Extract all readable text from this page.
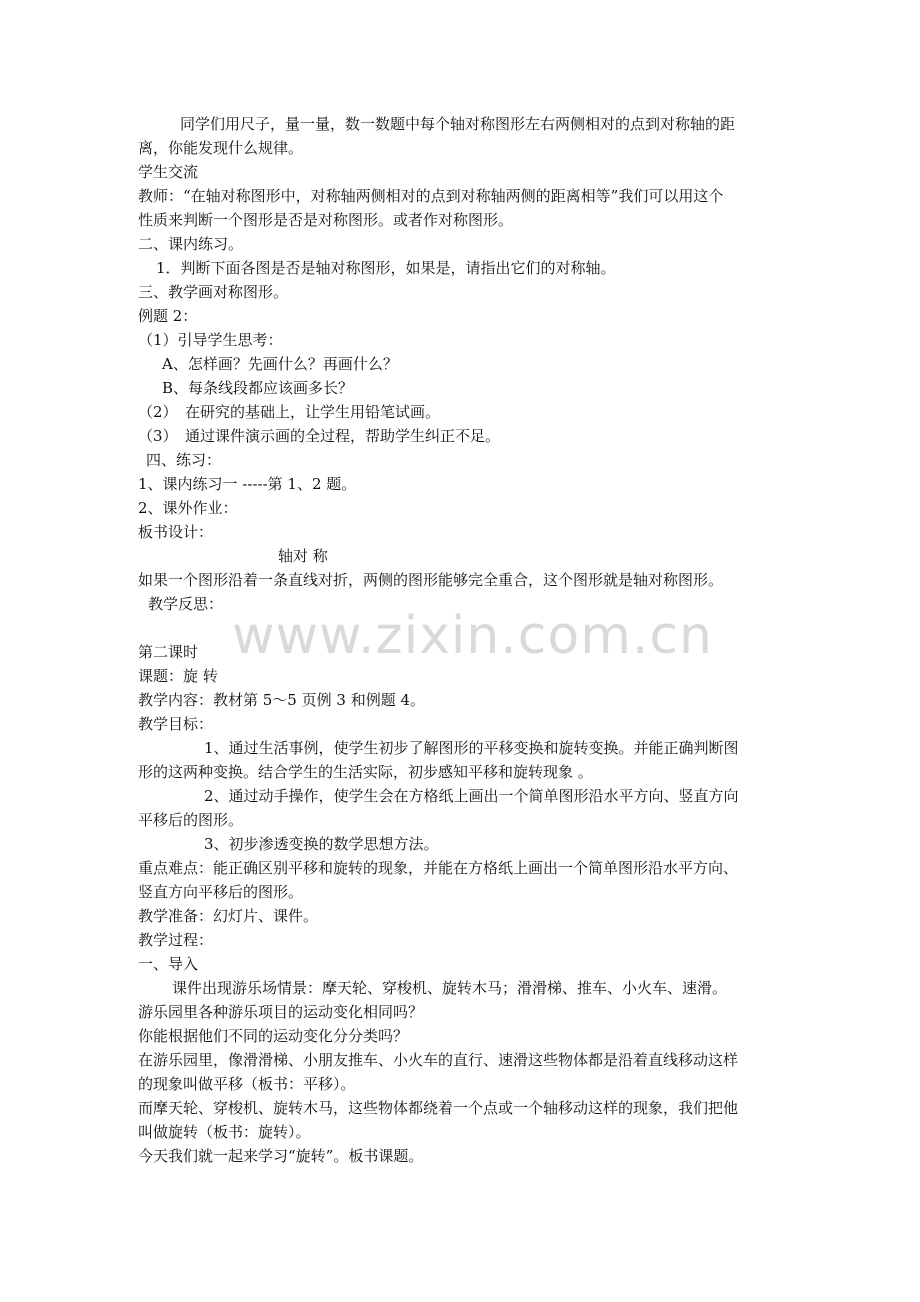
同学们用尺子，量一量，数一数题中每个轴对称图形左右两侧相对的点到对称轴的距
离，你能发现什么规律。
学生交流
教师：“在轴对称图形中，对称轴两侧相对的点到对称轴两侧的距离相等”我们可以用这个
性质来判断一个图形是否是对称图形。或者作对称图形。
二、课内练习。
1．判断下面各图是否是轴对称图形，如果是，请指出它们的对称轴。
三、教学画对称图形。
例题 2：
（1）引导学生思考：
A、怎样画？先画什么？再画什么？
B、每条线段都应该画多长？
（2）　在研究的基础上，让学生用铅笔试画。
（3）　通过课件演示画的全过程，帮助学生纠正不足。
四、练习：
1、课内练习一 -----第 1、2 题。
2、课外作业：
板书设计：
轴对 称
如果一个图形沿着一条直线对折，两侧的图形能够完全重合，这个图形就是轴对称图形。
教学反思：
www.zixin.com.cn
第二课时
课题：旋 转
教学内容：教材第 5～5 页例 3 和例题 4。
教学目标：
1、通过生活事例，使学生初步了解图形的平移变换和旋转变换。并能正确判断图
形的这两种变换。结合学生的生活实际，初步感知平移和旋转现象 。
2、通过动手操作，使学生会在方格纸上画出一个简单图形沿水平方向、竖直方向
平移后的图形。
3、初步渗透变换的数学思想方法。
重点难点：能正确区别平移和旋转的现象，并能在方格纸上画出一个简单图形沿水平方向、
竖直方向平移后的图形。
教学准备：幻灯片、课件。
教学过程：
一、导入
课件出现游乐场情景：摩天轮、穿梭机、旋转木马；滑滑梯、推车、小火车、速滑。
游乐园里各种游乐项目的运动变化相同吗？
你能根据他们不同的运动变化分分类吗？
在游乐园里，像滑滑梯、小朋友推车、小火车的直行、速滑这些物体都是沿着直线移动这样
的现象叫做平移（板书：平移）。
而摩天轮、穿梭机、旋转木马，这些物体都绕着一个点或一个轴移动这样的现象，我们把他
叫做旋转（板书：旋转）。
今天我们就一起来学习“旋转”。板书课题。
